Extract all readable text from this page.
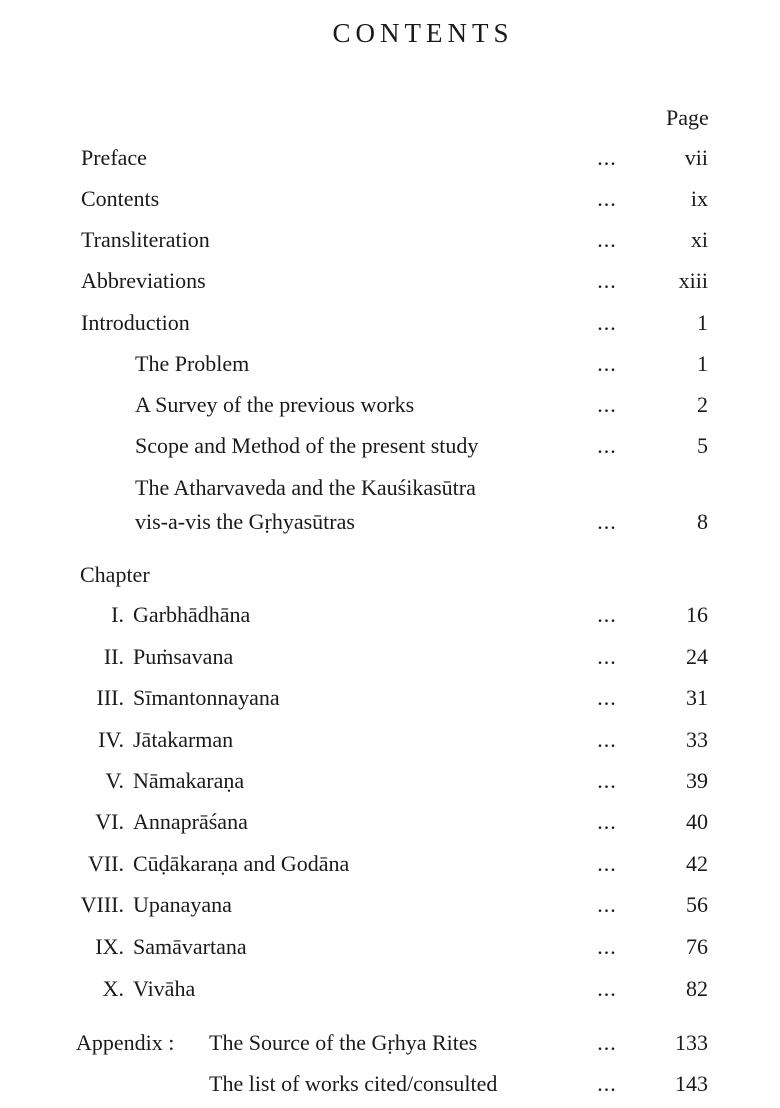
CONTENTS
Page
Preface	...	vii
Contents	...	ix
Transliteration	...	xi
Abbreviations	...	xiii
Introduction	...	1
The Problem	...	1
A Survey of the previous works	...	2
Scope and Method of the present study	...	5
The Atharvaveda and the Kauśikasūtra
vis-a-vis the Gṛhyasūtras	...	8
Chapter
I. Garbhādhāna	...	16
II. Puṁsavana	...	24
III. Sīmantonnayana	...	31
IV. Jātakarman	...	33
V. Nāmakaraṇa	...	39
VI. Annaprāśana	...	40
VII. Cūḍākaraṇa and Godāna	...	42
VIII. Upanayana	...	56
IX. Samāvartana	...	76
X. Vivāha	...	82
Appendix : The Source of the Gṛhya Rites	...	133
The list of works cited/consulted	...	143
